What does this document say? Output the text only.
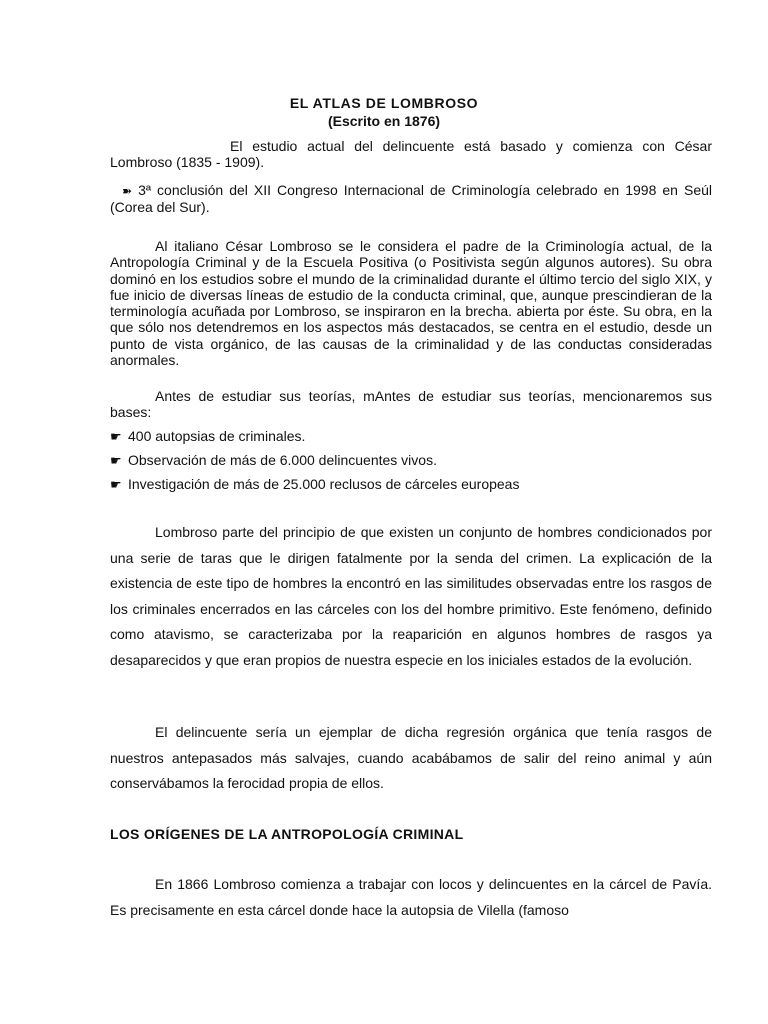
EL ATLAS DE LOMBROSO

(Escrito en 1876)

El estudio actual del delincuente está basado y comienza con César Lombroso (1835 - 1909).

➽ 3ª conclusión del XII Congreso Internacional de Criminología celebrado en 1998 en Seúl (Corea del Sur).

Al italiano César Lombroso se le considera el padre de la Criminología actual, de la Antropología Criminal y de la Escuela Positiva (o Positivista según algunos autores). Su obra dominó en los estudios sobre el mundo de la criminalidad durante el último tercio del siglo XIX, y fue inicio de diversas líneas de estudio de la conducta criminal, que, aunque prescindieran de la terminología acuñada por Lombroso, se inspiraron en la brecha. abierta por éste. Su obra, en la que sólo nos detendremos en los aspectos más destacados, se centra en el estudio, desde un punto de vista orgánico, de las causas de la criminalidad y de las conductas consideradas anormales.

Antes de estudiar sus teorías, mAntes de estudiar sus teorías, mencionaremos sus bases:

☛ 400 autopsias de criminales.

☛ Observación de más de 6.000 delincuentes vivos.

☛ Investigación de más de 25.000 reclusos de cárceles europeas

Lombroso parte del principio de que existen un conjunto de hombres condicionados por una serie de taras que le dirigen fatalmente por la senda del crimen. La explicación de la existencia de este tipo de hombres la encontró en las similitudes observadas entre los rasgos de los criminales encerrados en las cárceles con los del hombre primitivo. Este fenómeno, definido como atavismo, se caracterizaba por la reaparición en algunos hombres de rasgos ya desaparecidos y que eran propios de nuestra especie en los iniciales estados de la evolución.

El delincuente sería un ejemplar de dicha regresión orgánica que tenía rasgos de nuestros antepasados más salvajes, cuando acabábamos de salir del reino animal y aún conservábamos la ferocidad propia de ellos.

LOS ORÍGENES DE LA ANTROPOLOGÍA CRIMINAL

En 1866 Lombroso comienza a trabajar con locos y delincuentes en la cárcel de Pavía. Es precisamente en esta cárcel donde hace la autopsia de Vilella (famoso
